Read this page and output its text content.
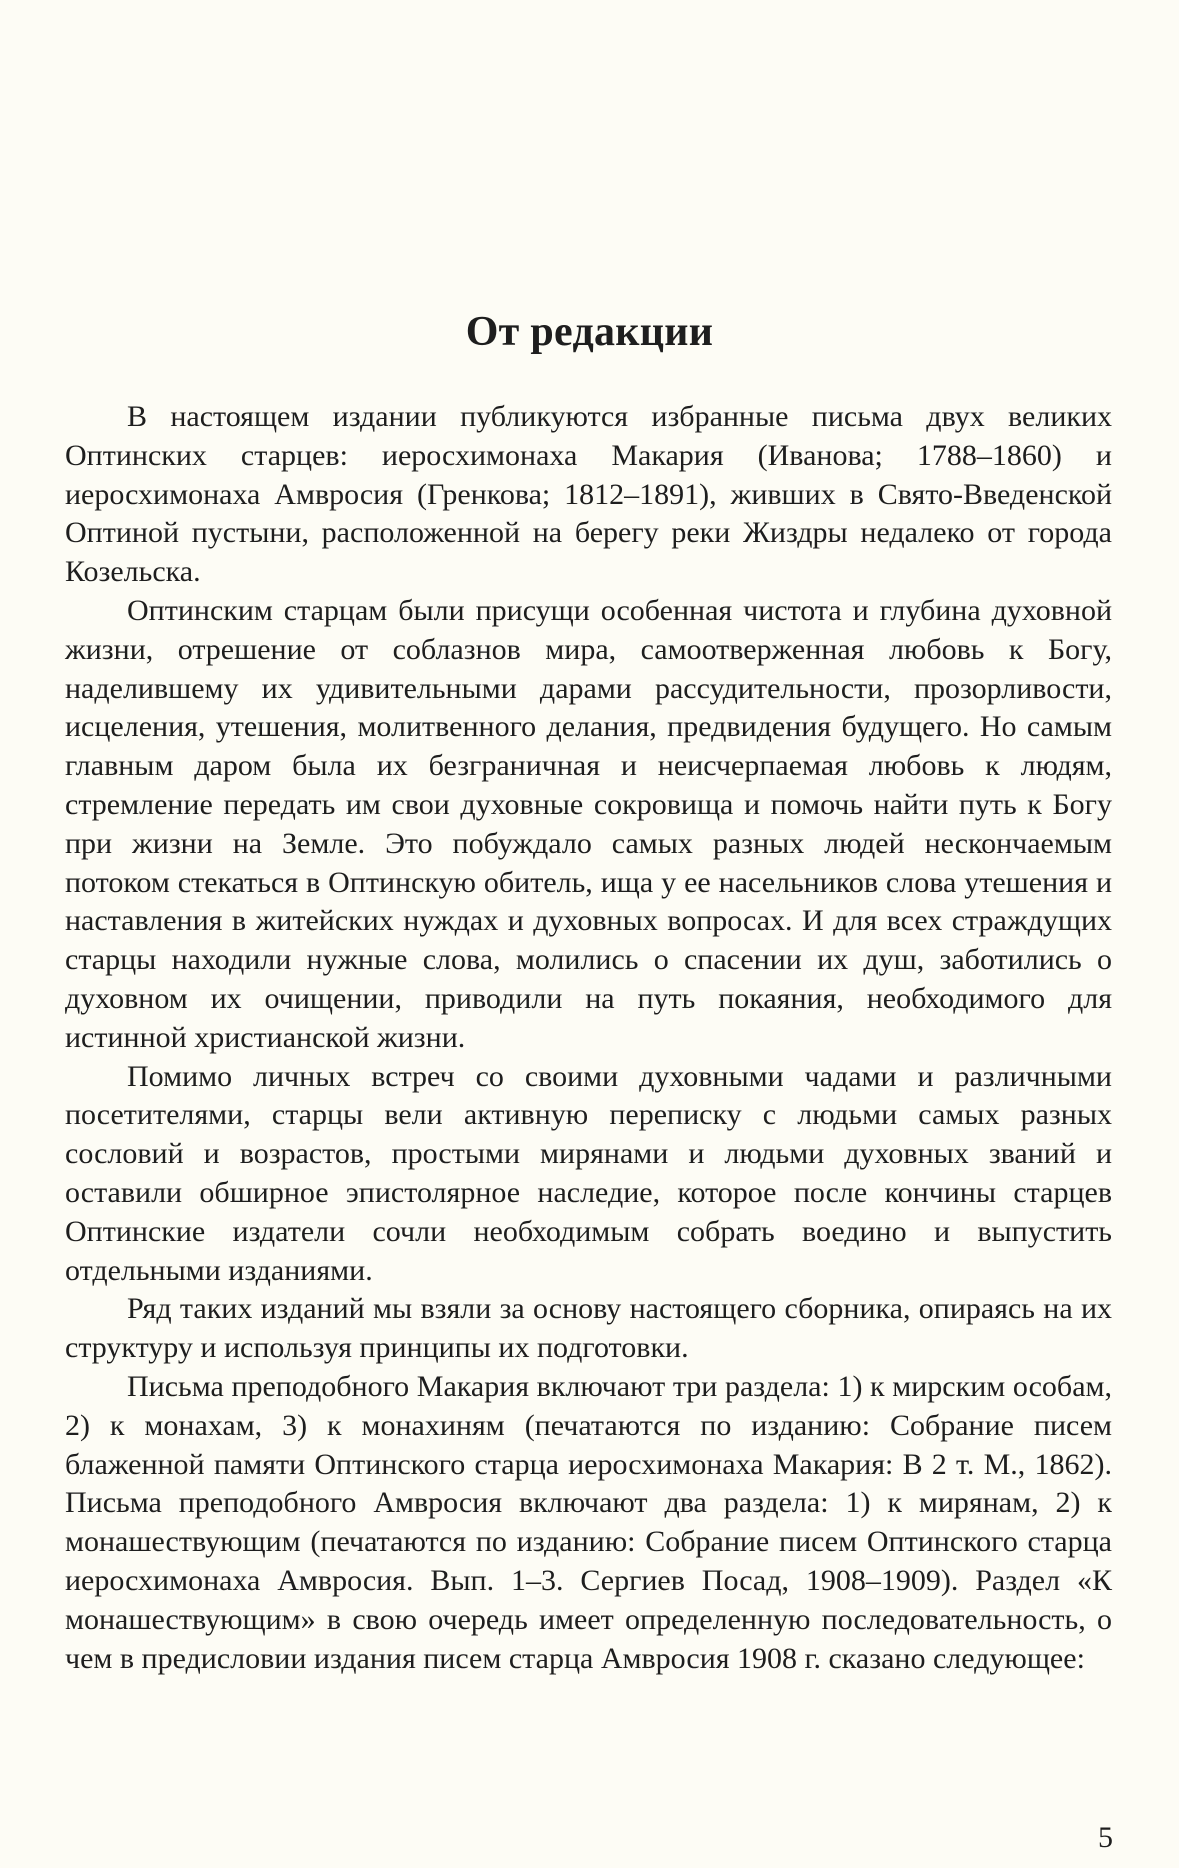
От редакции

В настоящем издании публикуются избранные письма двух великих Оптинских старцев: иеросхимонаха Макария (Иванова; 1788–1860) и иеросхимонаха Амвросия (Гренкова; 1812–1891), живших в Свято-Введенской Оптиной пустыни, расположенной на берегу реки Жиздры недалеко от города Козельска.

Оптинским старцам были присущи особенная чистота и глубина духовной жизни, отрешение от соблазнов мира, самоотверженная любовь к Богу, наделившему их удивительными дарами рассудительности, прозорливости, исцеления, утешения, молитвенного делания, предвидения будущего. Но самым главным даром была их безграничная и неисчерпаемая любовь к людям, стремление передать им свои духовные сокровища и помочь найти путь к Богу при жизни на Земле. Это побуждало самых разных людей нескончаемым потоком стекаться в Оптинскую обитель, ища у ее насельников слова утешения и наставления в житейских нуждах и духовных вопросах. И для всех страждущих старцы находили нужные слова, молились о спасении их душ, заботились о духовном их очищении, приводили на путь покаяния, необходимого для истинной христианской жизни.

Помимо личных встреч со своими духовными чадами и различными посетителями, старцы вели активную переписку с людьми самых разных сословий и возрастов, простыми мирянами и людьми духовных званий и оставили обширное эпистолярное наследие, которое после кончины старцев Оптинские издатели сочли необходимым собрать воедино и выпустить отдельными изданиями.

Ряд таких изданий мы взяли за основу настоящего сборника, опираясь на их структуру и используя принципы их подготовки.

Письма преподобного Макария включают три раздела: 1) к мирским особам, 2) к монахам, 3) к монахиням (печатаются по изданию: Собрание писем блаженной памяти Оптинского старца иеросхимонаха Макария: В 2 т. М., 1862). Письма преподобного Амвросия включают два раздела: 1) к мирянам, 2) к монашествующим (печатаются по изданию: Собрание писем Оптинского старца иеросхимонаха Амвросия. Вып. 1–3. Сергиев Посад, 1908–1909). Раздел «К монашествующим» в свою очередь имеет определенную последовательность, о чем в предисловии издания писем старца Амвросия 1908 г. сказано следующее:

5
